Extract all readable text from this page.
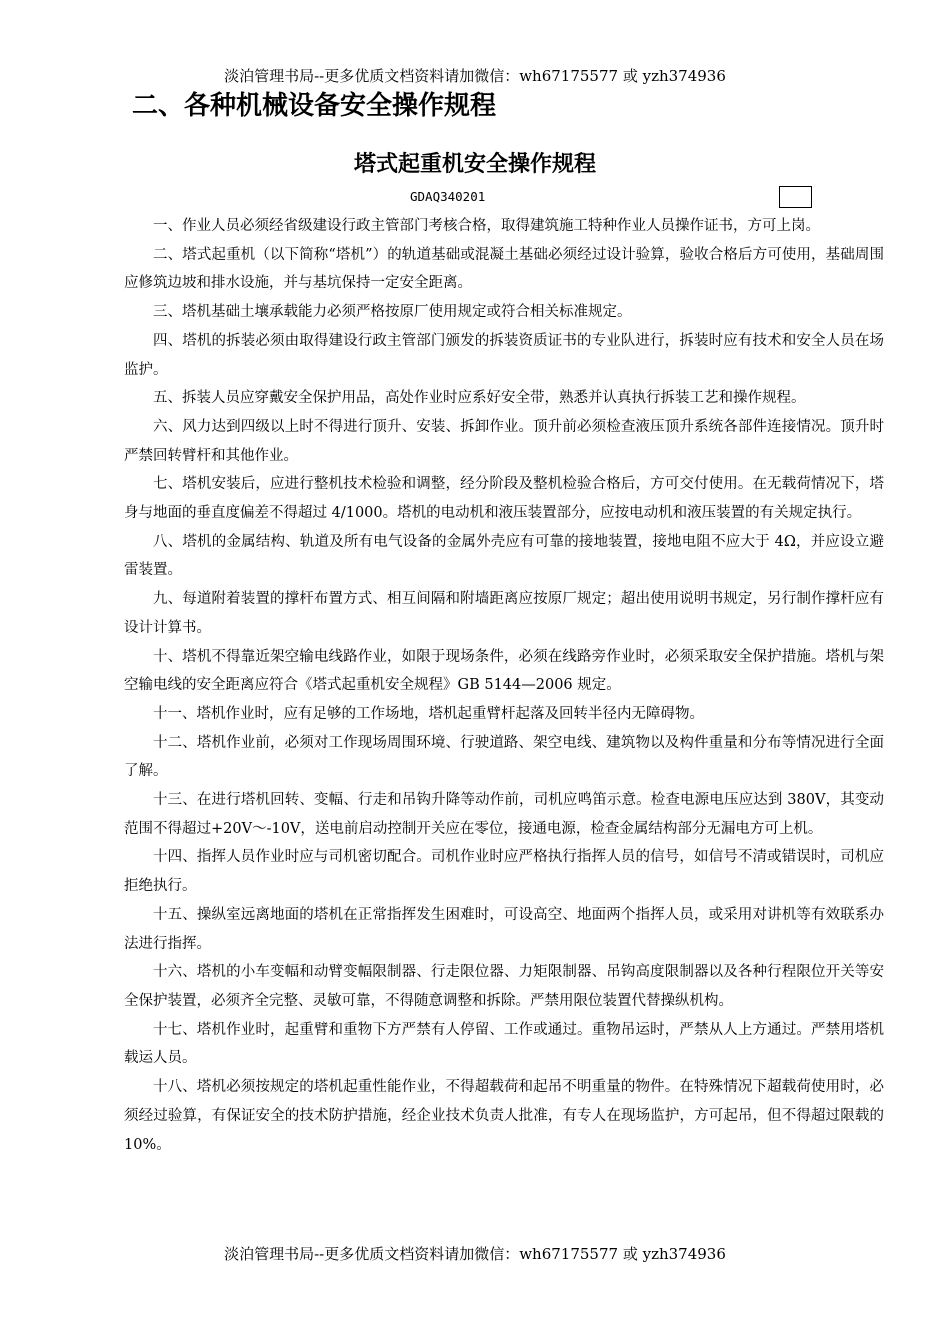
淡泊管理书局--更多优质文档资料请加微信：wh67175577 或 yzh374936
二、各种机械设备安全操作规程
塔式起重机安全操作规程
GDAQ340201

一、作业人员必须经省级建设行政主管部门考核合格，取得建筑施工特种作业人员操作证书，方可上岗。

二、塔式起重机（以下简称“塔机”）的轨道基础或混凝土基础必须经过设计验算，验收合格后方可使用，基础周围应修筑边坡和排水设施，并与基坑保持一定安全距离。

三、塔机基础土壤承载能力必须严格按原厂使用规定或符合相关标准规定。

四、塔机的拆装必须由取得建设行政主管部门颁发的拆装资质证书的专业队进行，拆装时应有技术和安全人员在场监护。

五、拆装人员应穿戴安全保护用品，高处作业时应系好安全带，熟悉并认真执行拆装工艺和操作规程。

六、风力达到四级以上时不得进行顶升、安装、拆卸作业。顶升前必须检查液压顶升系统各部件连接情况。顶升时严禁回转臂杆和其他作业。

七、塔机安装后，应进行整机技术检验和调整，经分阶段及整机检验合格后，方可交付使用。在无载荷情况下，塔身与地面的垂直度偏差不得超过 4/1000。塔机的电动机和液压装置部分，应按电动机和液压装置的有关规定执行。

八、塔机的金属结构、轨道及所有电气设备的金属外壳应有可靠的接地装置，接地电阻不应大于 4Ω，并应设立避雷装置。

九、每道附着装置的撑杆布置方式、相互间隔和附墙距离应按原厂规定；超出使用说明书规定，另行制作撑杆应有设计计算书。

十、塔机不得靠近架空输电线路作业，如限于现场条件，必须在线路旁作业时，必须采取安全保护措施。塔机与架空输电线的安全距离应符合《塔式起重机安全规程》GB 5144—2006 规定。

十一、塔机作业时，应有足够的工作场地，塔机起重臂杆起落及回转半径内无障碍物。

十二、塔机作业前，必须对工作现场周围环境、行驶道路、架空电线、建筑物以及构件重量和分布等情况进行全面了解。

十三、在进行塔机回转、变幅、行走和吊钩升降等动作前，司机应鸣笛示意。检查电源电压应达到 380V，其变动范围不得超过+20V～-10V，送电前启动控制开关应在零位，接通电源，检查金属结构部分无漏电方可上机。

十四、指挥人员作业时应与司机密切配合。司机作业时应严格执行指挥人员的信号，如信号不清或错误时，司机应拒绝执行。

十五、操纵室远离地面的塔机在正常指挥发生困难时，可设高空、地面两个指挥人员，或采用对讲机等有效联系办法进行指挥。

十六、塔机的小车变幅和动臂变幅限制器、行走限位器、力矩限制器、吊钩高度限制器以及各种行程限位开关等安全保护装置，必须齐全完整、灵敏可靠，不得随意调整和拆除。严禁用限位装置代替操纵机构。

十七、塔机作业时，起重臂和重物下方严禁有人停留、工作或通过。重物吊运时，严禁从人上方通过。严禁用塔机载运人员。

十八、塔机必须按规定的塔机起重性能作业，不得超载荷和起吊不明重量的物件。在特殊情况下超载荷使用时，必须经过验算，有保证安全的技术防护措施，经企业技术负责人批准，有专人在现场监护，方可起吊，但不得超过限载的10%。

淡泊管理书局--更多优质文档资料请加微信：wh67175577 或 yzh374936
